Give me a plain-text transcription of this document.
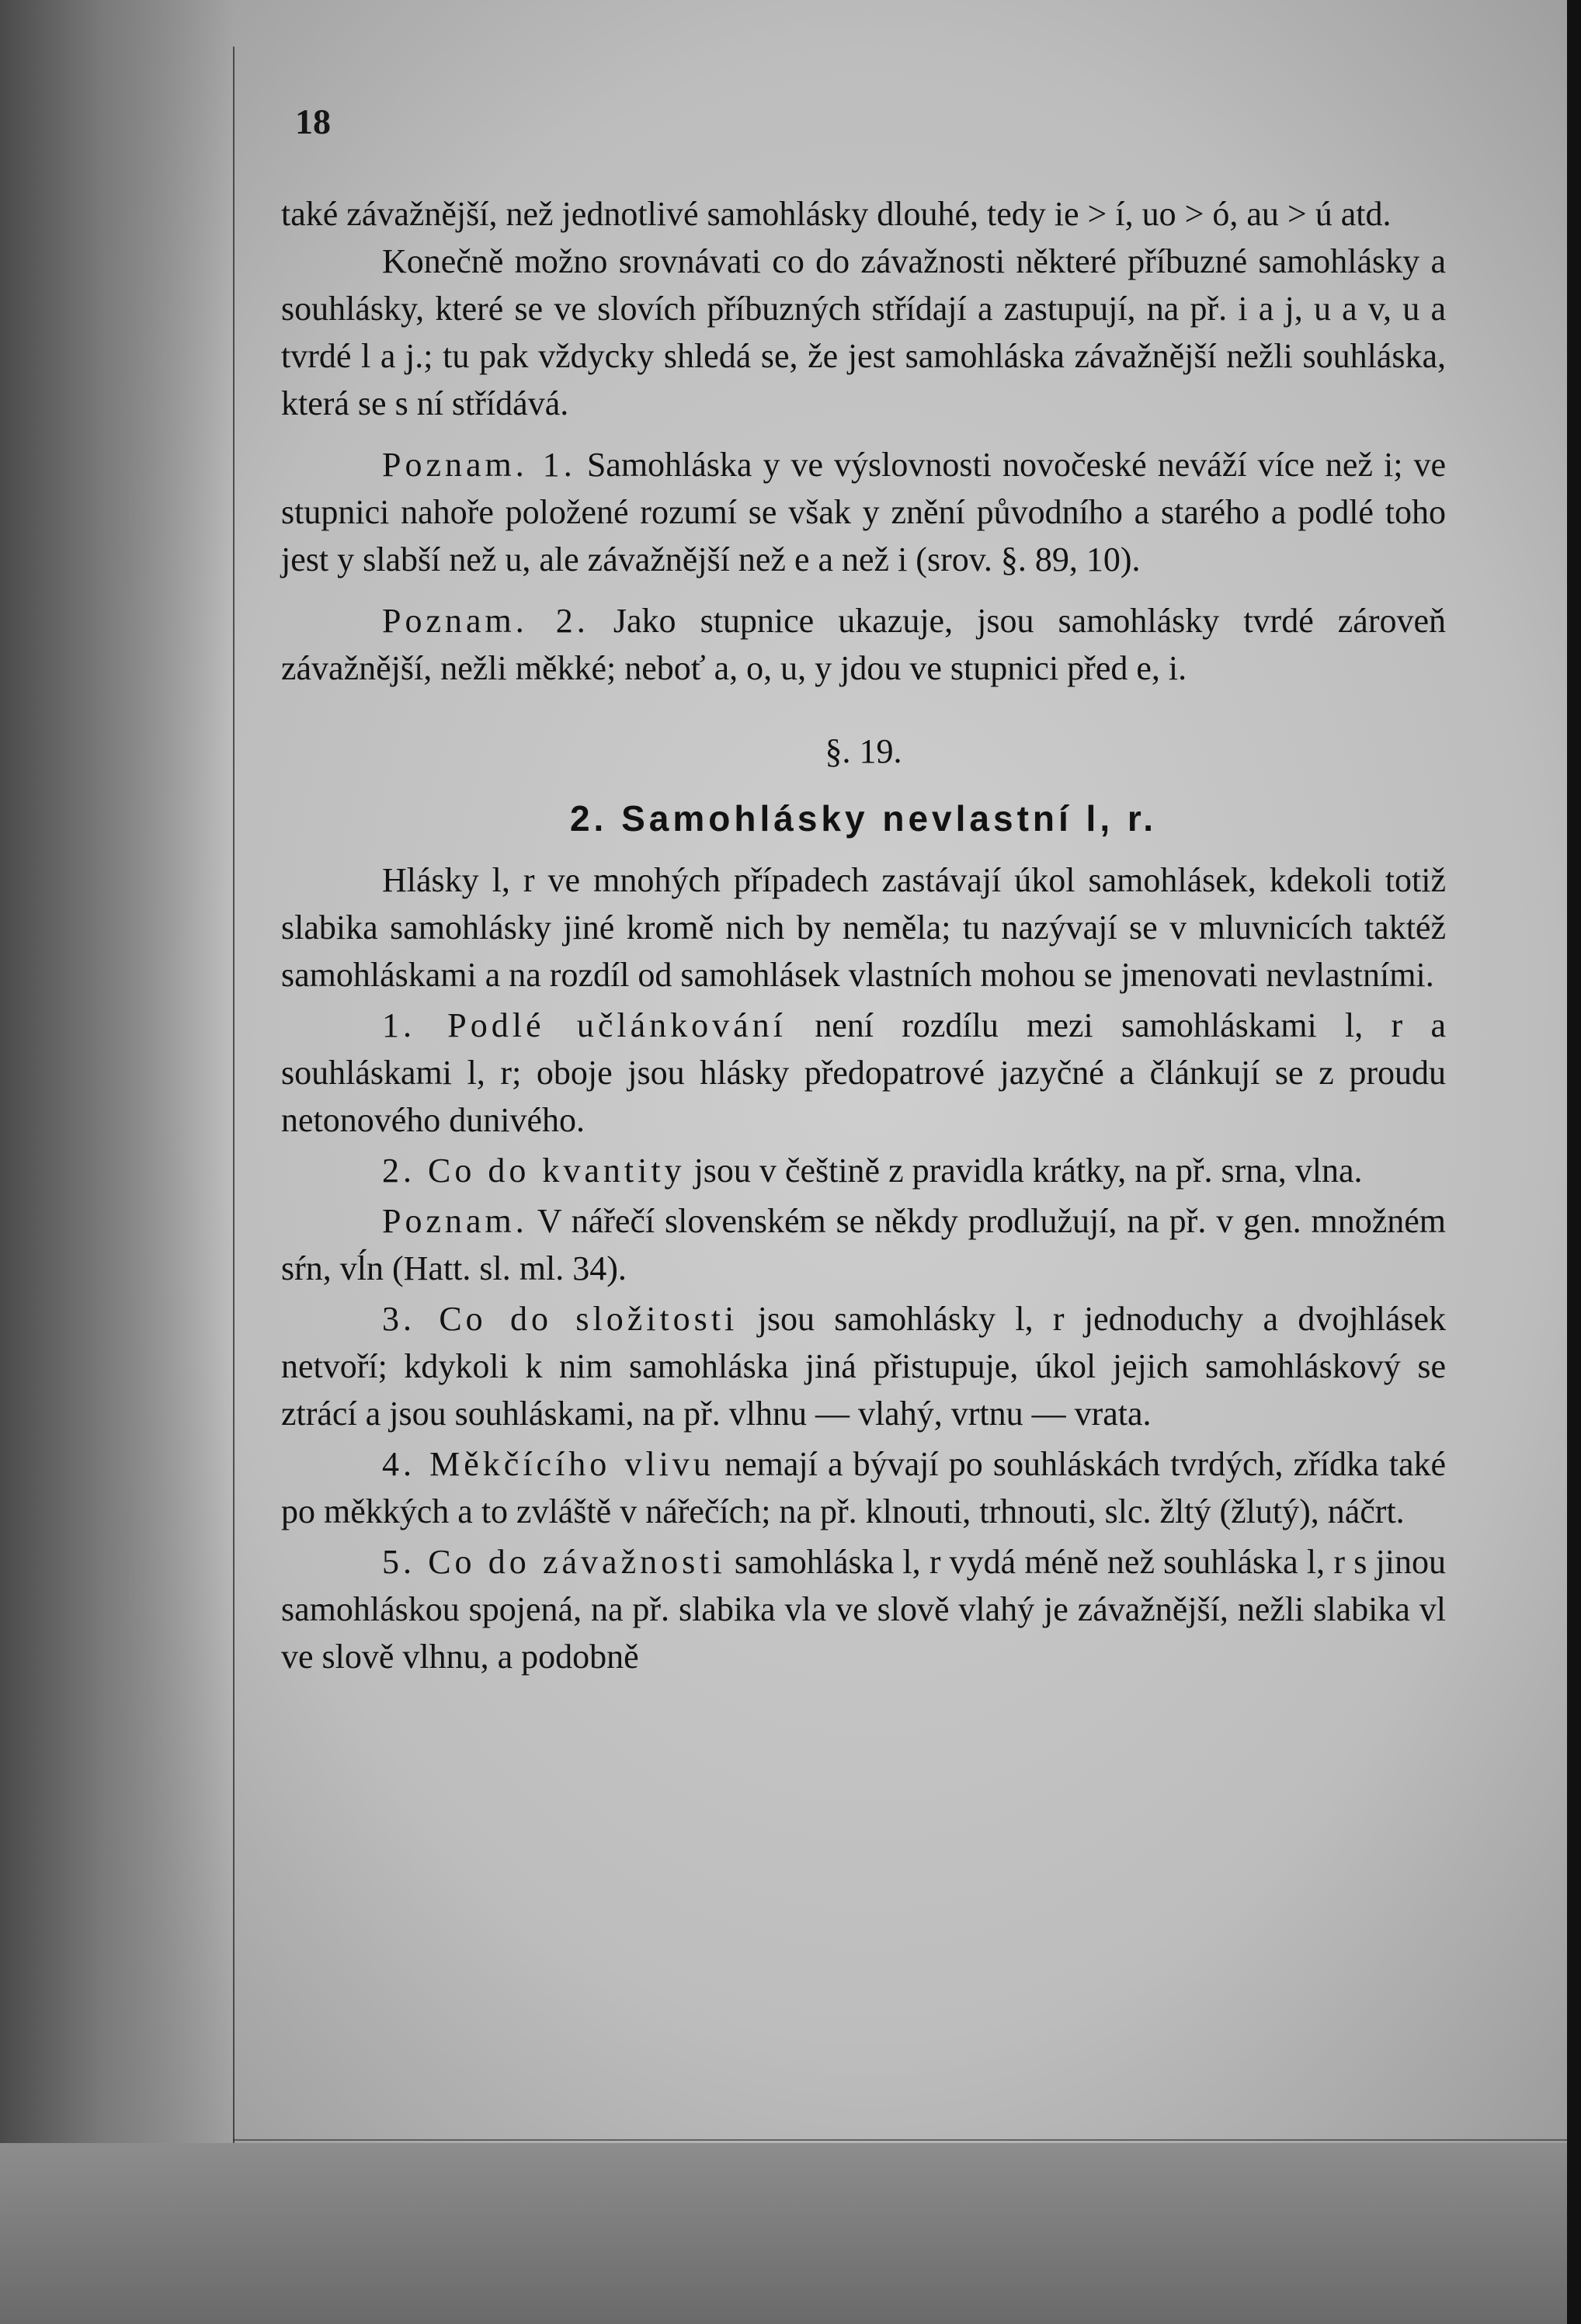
18

také závažnější, než jednotlivé samohlásky dlouhé, tedy ie > í, uo > ó, au > ú atd.

Konečně možno srovnávati co do závažnosti některé příbuzné samohlásky a souhlásky, které se ve slovích příbuzných střídají a zastupují, na př. i a j, u a v, u a tvrdé l a j.; tu pak vždycky shledá se, že jest samohláska závažnější nežli souhláska, která se s ní střídává.

Poznam. 1. Samohláska y ve výslovnosti novočeské neváží více než i; ve stupnici nahoře položené rozumí se však y znění původního a starého a podlé toho jest y slabší než u, ale závažnější než e a než i (srov. §. 89, 10).

Poznam. 2. Jako stupnice ukazuje, jsou samohlásky tvrdé zároveň závažnější, nežli měkké; neboť a, o, u, y jdou ve stupnici před e, i.

§. 19.
2. Samohlásky nevlastní l, r.

Hlásky l, r ve mnohých případech zastávají úkol samohlásek, kdekoli totiž slabika samohlásky jiné kromě nich by neměla; tu nazývají se v mluvnicích taktéž samohláskami a na rozdíl od samohlásek vlastních mohou se jmenovati nevlastními.

1. Podlé učlánkování není rozdílu mezi samohláskami l, r a souhláskami l, r; oboje jsou hlásky předopatrové jazyčné a článkují se z proudu netonového dunivého.

2. Co do kvantity jsou v češtině z pravidla krátky, na př. srna, vlna.

Poznam. V nářečí slovenském se někdy prodlužují, na př. v gen. množném sŕn, vĺn (Hatt. sl. ml. 34).

3. Co do složitosti jsou samohlásky l, r jednoduchy a dvojhlásek netvoří; kdykoli k nim samohláska jiná přistupuje, úkol jejich samohláskový se ztrácí a jsou souhláskami, na př. vlhnu — vlahý, vrtnu — vrata.

4. Měkčícího vlivu nemají a bývají po souhláskách tvrdých, zřídka také po měkkých a to zvláště v nářečích; na př. klnouti, trhnouti, slc. žltý (žlutý), náčrt.

5. Co do závažnosti samohláska l, r vydá méně než souhláska l, r s jinou samohláskou spojená, na př. slabika vla ve slově vlahý je závažnější, nežli slabika vl ve slově vlhnu, a podobně
